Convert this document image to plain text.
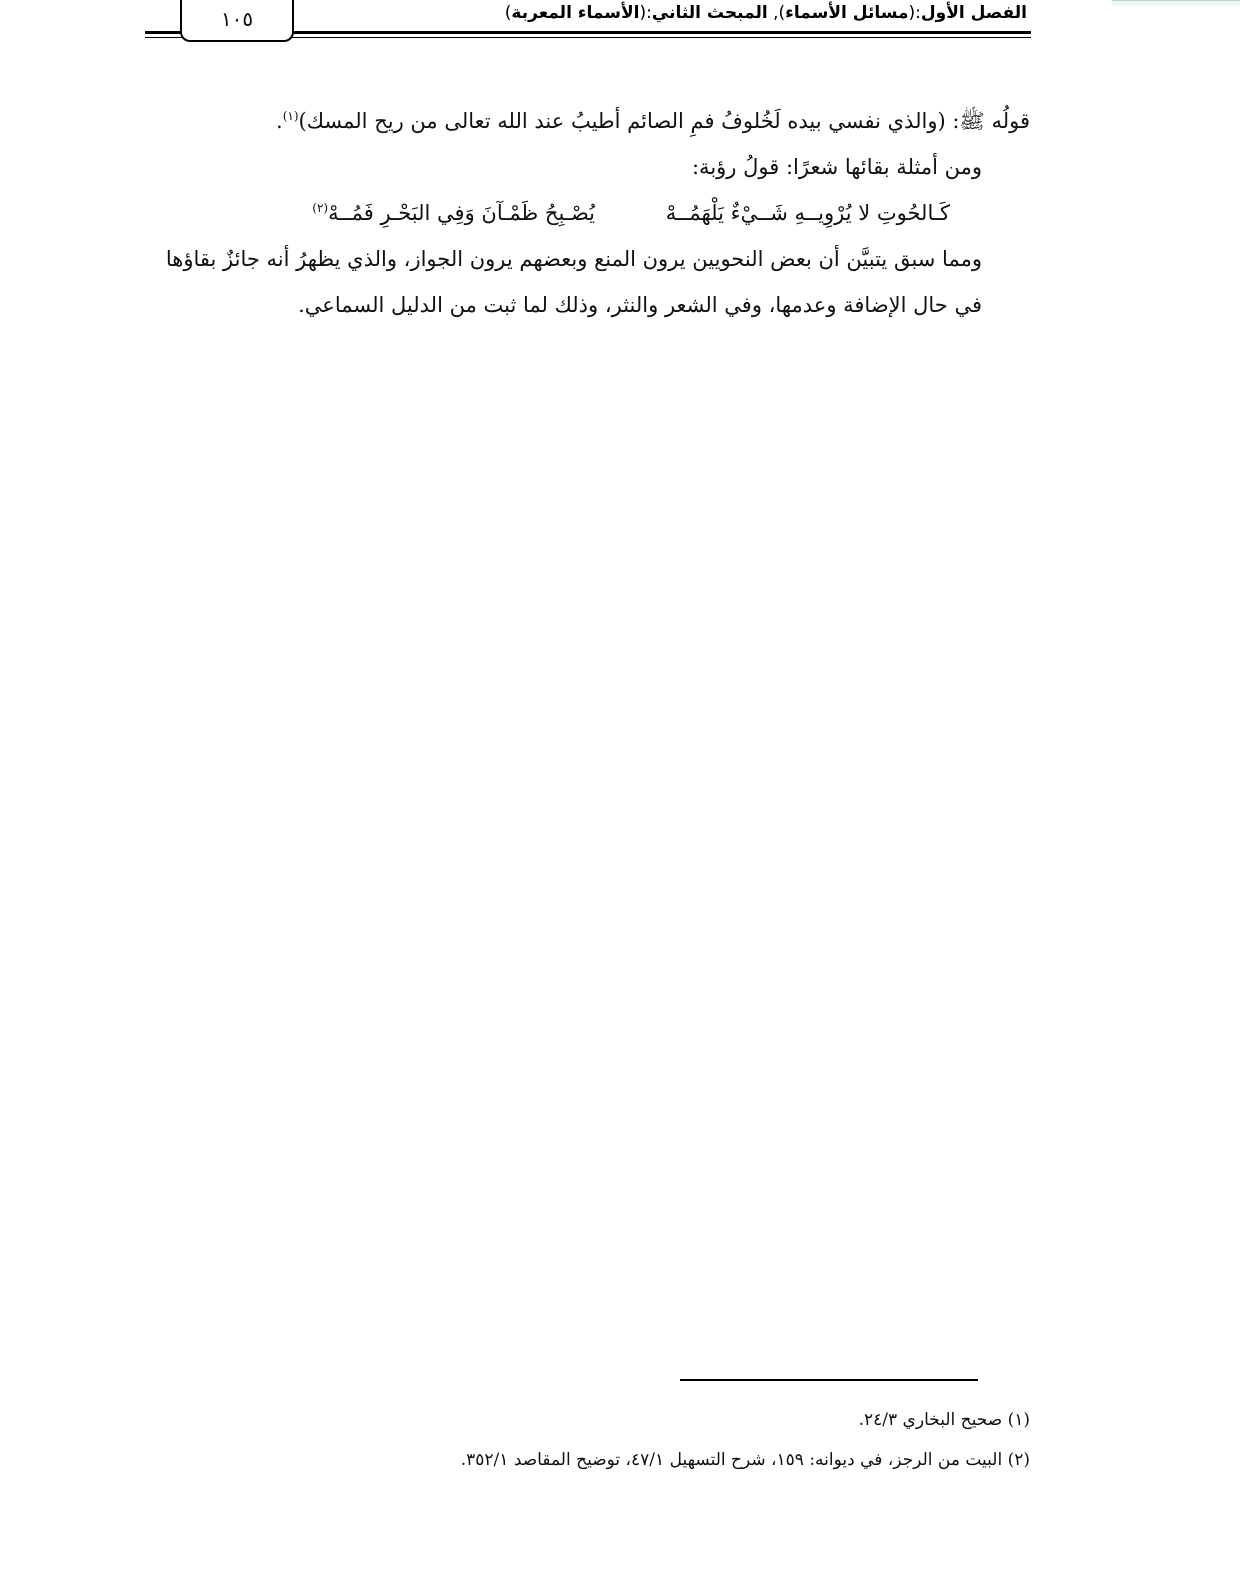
الفصل الأول:(مسائل الأسماء), المبحث الثاني:(الأسماء المعربة)
١٠٥

قولُه ﷺ: (والذي نفسي بيده لَخُلوفُ فمِ الصائم أطيبُ عند الله تعالى من ريح المسك)$^{(١)}$.

ومن أمثلة بقائها شعرًا: قولُ رؤبة:

كَـالحُوتِ لا يُرْوِيــهِ شَــيْءٌ يَلْهَمُــهْ
يُصْـبِحُ ظَمْـآنَ وَفِي البَحْـرِ فَمُــهْ$^{(٢)}$

ومما سبق يتبيَّن أن بعض النحويين يرون المنع وبعضهم يرون الجواز، والذي يظهرُ أنه جائزٌ بقاؤها في حال الإضافة وعدمها، وفي الشعر والنثر، وذلك لما ثبت من الدليل السماعي.

(١) صحيح البخاري ٢٤/٣.

(٢) البيت من الرجز، في ديوانه: ١٥٩، شرح التسهيل ٤٧/١، توضيح المقاصد ٣٥٢/١.
